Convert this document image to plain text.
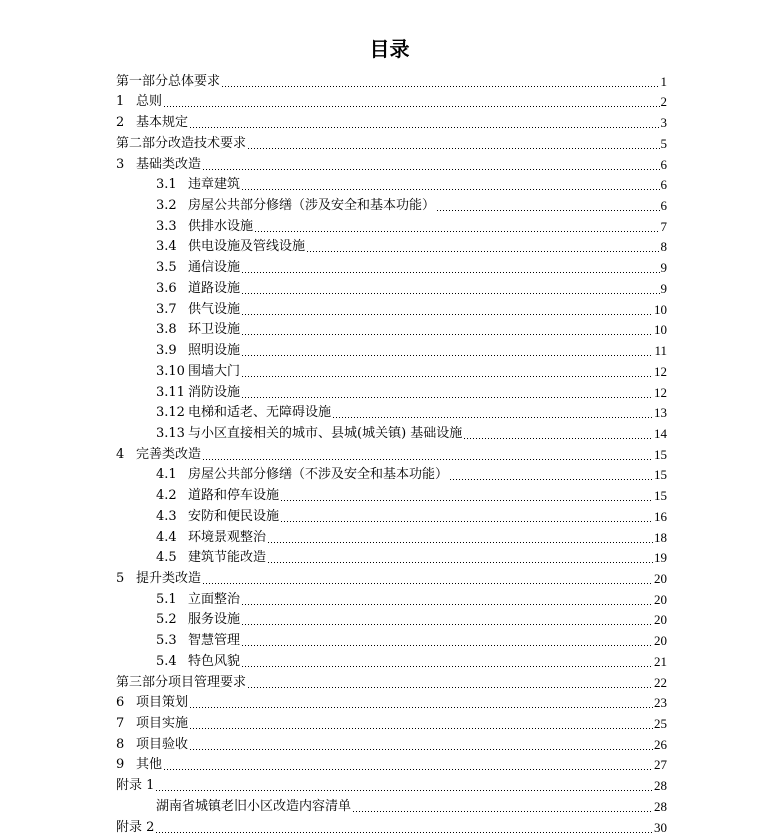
目录
第一部分总体要求	1
1 总则	2
2 基本规定	3
第二部分改造技术要求	5
3 基础类改造	6
3.1 违章建筑	6
3.2 房屋公共部分修缮（涉及安全和基本功能）	6
3.3 供排水设施	7
3.4 供电设施及管线设施	8
3.5 通信设施	9
3.6 道路设施	9
3.7 供气设施	10
3.8 环卫设施	10
3.9 照明设施	11
3.10 围墙大门	12
3.11 消防设施	12
3.12 电梯和适老、无障碍设施	13
3.13 与小区直接相关的城市、县城(城关镇) 基础设施	14
4 完善类改造	15
4.1 房屋公共部分修缮（不涉及安全和基本功能）	15
4.2 道路和停车设施	15
4.3 安防和便民设施	16
4.4 环境景观整治	18
4.5 建筑节能改造	19
5 提升类改造	20
5.1 立面整治	20
5.2 服务设施	20
5.3 智慧管理	20
5.4 特色风貌	21
第三部分项目管理要求	22
6 项目策划	23
7 项目实施	25
8 项目验收	26
9 其他	27
附录 1	28
湖南省城镇老旧小区改造内容清单	28
附录 2	30
